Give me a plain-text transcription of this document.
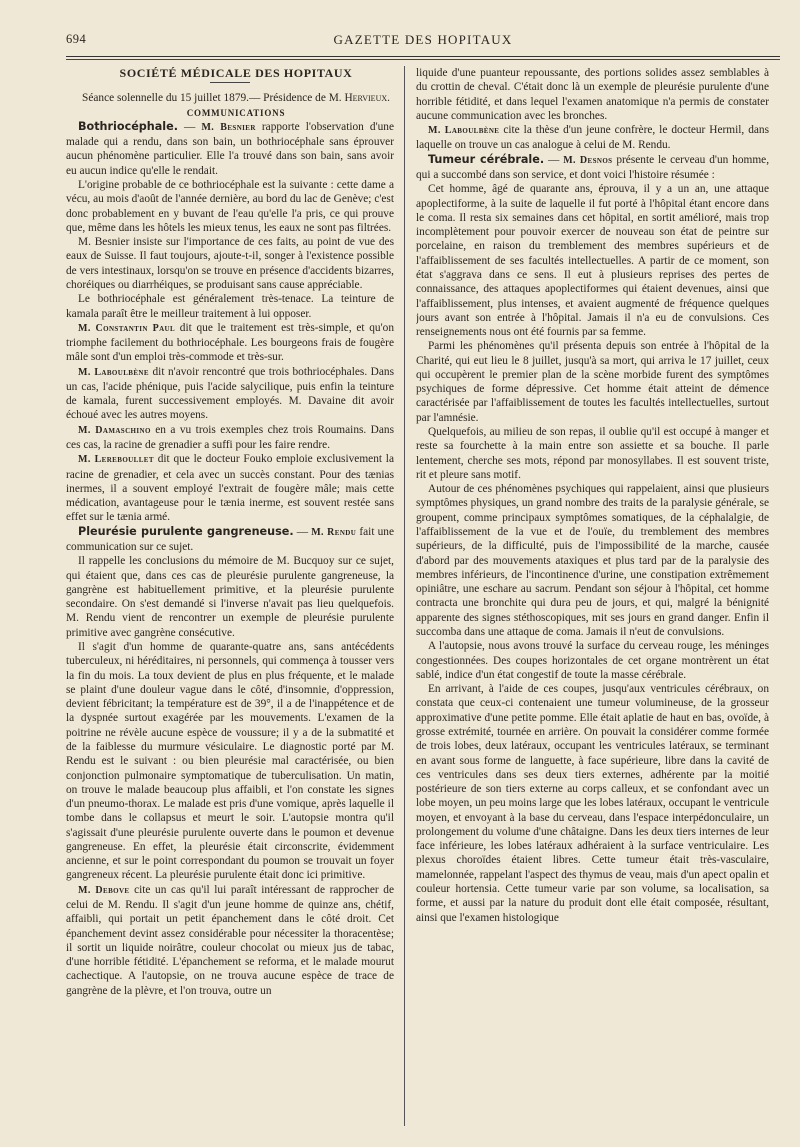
694	GAZETTE DES HOPITAUX

SOCIÉTÉ MÉDICALE DES HOPITAUX

Séance solennelle du 15 juillet 1879.— Présidence de M. Hervieux.

COMMUNICATIONS

Bothriocéphale. — M. Besnier rapporte l'observation d'une malade qui a rendu, dans son bain, un bothriocéphale sans éprouver aucun phénomène particulier. Elle l'a trouvé dans son bain, sans avoir eu aucun indice qu'elle le rendait.

L'origine probable de ce bothriocéphale est la suivante : cette dame a vécu, au mois d'août de l'année dernière, au bord du lac de Genève; c'est donc probablement en y buvant de l'eau qu'elle l'a pris, ce qui prouve que, même dans les hôtels les mieux tenus, les eaux ne sont pas filtrées.

M. Besnier insiste sur l'importance de ces faits, au point de vue des eaux de Suisse. Il faut toujours, ajoute-t-il, songer à l'existence possible de vers intestinaux, lorsqu'on se trouve en présence d'accidents bizarres, choréiques ou diarrhéiques, se produisant sans cause appréciable.

Le bothriocéphale est généralement très-tenace. La teinture de kamala paraît être le meilleur traitement à lui opposer.

M. Constantin Paul dit que le traitement est très-simple, et qu'on triomphe facilement du bothriocéphale. Les bourgeons frais de fougère mâle sont d'un emploi très-commode et très-sur.

M. Laboulbène dit n'avoir rencontré que trois bothriocéphales. Dans un cas, l'acide phénique, puis l'acide salycilique, puis enfin la teinture de kamala, furent successivement employés. M. Davaine dit avoir échoué avec les autres moyens.

M. Damaschino en a vu trois exemples chez trois Roumains. Dans ces cas, la racine de grenadier a suffi pour les faire rendre.

M. Lereboullet dit que le docteur Fouko emploie exclusivement la racine de grenadier, et cela avec un succès constant. Pour des tænias inermes, il a souvent employé l'extrait de fougère mâle; mais cette médication, avantageuse pour le tænia inerme, est souvent restée sans effet sur le tænia armé.

Pleurésie purulente gangreneuse. — M. Rendu fait une communication sur ce sujet.

Il rappelle les conclusions du mémoire de M. Bucquoy sur ce sujet, qui étaient que, dans ces cas de pleurésie purulente gangreneuse, la gangrène est habituellement primitive, et la pleurésie purulente secondaire. On s'est demandé si l'inverse n'avait pas lieu quelquefois. M. Rendu vient de rencontrer un exemple de pleurésie purulente primitive avec gangrène consécutive.

Il s'agit d'un homme de quarante-quatre ans, sans antécédents tuberculeux, ni héréditaires, ni personnels, qui commença à tousser vers la fin du mois. La toux devient de plus en plus fréquente, et le malade se plaint d'une douleur vague dans le côté, d'insomnie, d'oppression, devient fébricitant; la température est de 39°, il a de l'inappétence et de la dyspnée surtout exagérée par les mouvements. L'examen de la poitrine ne révèle aucune espèce de voussure; il y a de la submatité et de la faiblesse du murmure vésiculaire. Le diagnostic porté par M. Rendu est le suivant : ou bien pleurésie mal caractérisée, ou bien conjonction pulmonaire symptomatique de tuberculisation. Un matin, on trouve le malade beaucoup plus affaibli, et l'on constate les signes d'un pneumo-thorax. Le malade est pris d'une vomique, après laquelle il tombe dans le collapsus et meurt le soir. L'autopsie montra qu'il s'agissait d'une pleurésie purulente ouverte dans le poumon et devenue gangreneuse. En effet, la pleurésie était circonscrite, évidemment ancienne, et sur le point correspondant du poumon se trouvait un foyer gangreneux récent. La pleurésie purulente était donc ici primitive.

M. Debove cite un cas qu'il lui paraît intéressant de rapprocher de celui de M. Rendu. Il s'agit d'un jeune homme de quinze ans, chétif, affaibli, qui portait un petit épanchement dans le côté droit. Cet épanchement devint assez considérable pour nécessiter la thoracentèse; il sortit un liquide noirâtre, couleur chocolat ou mieux jus de tabac, d'une horrible fétidité. L'épanchement se reforma, et le malade mourut cachectique. A l'autopsie, on ne trouva aucune espèce de trace de gangrène de la plèvre, et l'on trouva, outre un

liquide d'une puanteur repoussante, des portions solides assez semblables à du crottin de cheval. C'était donc là un exemple de pleurésie purulente d'une horrible fétidité, et dans lequel l'examen anatomique n'a permis de constater aucune communication avec les bronches.

M. Laboulbène cite la thèse d'un jeune confrère, le docteur Hermil, dans laquelle on trouve un cas analogue à celui de M. Rendu.

Tumeur cérébrale. — M. Desnos présente le cerveau d'un homme, qui a succombé dans son service, et dont voici l'histoire résumée :

Cet homme, âgé de quarante ans, éprouva, il y a un an, une attaque apoplectiforme, à la suite de laquelle il fut porté à l'hôpital étant encore dans le coma. Il resta six semaines dans cet hôpital, en sortit amélioré, mais trop incomplètement pour pouvoir exercer de nouveau son état de peintre sur porcelaine, en raison du tremblement des membres supérieurs et de l'affaiblissement de ses facultés intellectuelles. A partir de ce moment, son état s'aggrava dans ce sens. Il eut à plusieurs reprises des pertes de connaissance, des attaques apoplectiformes qui étaient devenues, ainsi que l'affaiblissement, plus intenses, et avaient augmenté de fréquence quelques jours avant son entrée à l'hôpital. Jamais il n'a eu de convulsions. Ces renseignements nous ont été fournis par sa femme.

Parmi les phénomènes qu'il présenta depuis son entrée à l'hôpital de la Charité, qui eut lieu le 8 juillet, jusqu'à sa mort, qui arriva le 17 juillet, ceux qui occupèrent le premier plan de la scène morbide furent des symptômes psychiques de forme dépressive. Cet homme était atteint de démence caractérisée par l'affaiblissement de toutes les facultés intellectuelles, surtout par l'amnésie.

Quelquefois, au milieu de son repas, il oublie qu'il est occupé à manger et reste sa fourchette à la main entre son assiette et sa bouche. Il parle lentement, cherche ses mots, répond par monosyllabes. Il est souvent triste, rit et pleure sans motif.

Autour de ces phénomènes psychiques qui rappelaient, ainsi que plusieurs symptômes physiques, un grand nombre des traits de la paralysie générale, se groupent, comme principaux symptômes somatiques, de la céphalalgie, de l'affaiblissement de la vue et de l'ouïe, du tremblement des membres supérieurs, de la difficulté, puis de l'impossibilité de la marche, causée d'abord par des mouvements ataxiques et plus tard par de la paralysie des membres inférieurs, de l'incontinence d'urine, une constipation extrêmement opiniâtre, une eschare au sacrum. Pendant son séjour à l'hôpital, cet homme contracta une bronchite qui dura peu de jours, et qui, malgré la bénignité apparente des signes stéthoscopiques, mit ses jours en grand danger. Enfin il succomba dans une attaque de coma. Jamais il n'eut de convulsions.

A l'autopsie, nous avons trouvé la surface du cerveau rouge, les méninges congestionnées. Des coupes horizontales de cet organe montrèrent un état sablé, indice d'un état congestif de toute la masse cérébrale.

En arrivant, à l'aide de ces coupes, jusqu'aux ventricules cérébraux, on constata que ceux-ci contenaient une tumeur volumineuse, de la grosseur approximative d'une petite pomme. Elle était aplatie de haut en bas, ovoïde, à grosse extrémité, tournée en arrière. On pouvait la considérer comme formée de trois lobes, deux latéraux, occupant les ventricules latéraux, se terminant en avant sous forme de languette, à face supérieure, libre dans la cavité de ces ventricules dans ses deux tiers externes, adhérente par la moitié postérieure de son tiers externe au corps calleux, et se confondant avec un lobe moyen, un peu moins large que les lobes latéraux, occupant le ventricule moyen, et envoyant à la base du cerveau, dans l'espace interpédonculaire, un prolongement du volume d'une châtaigne. Dans les deux tiers internes de leur face inférieure, les lobes latéraux adhéraient à la surface ventriculaire. Les plexus choroïdes étaient libres. Cette tumeur était très-vasculaire, mamelonnée, rappelant l'aspect des thymus de veau, mais d'un apect opalin et couleur hortensia. Cette tumeur varie par son volume, sa localisation, sa forme, et aussi par la nature du produit dont elle était composée, résultant, ainsi que l'examen histologique
